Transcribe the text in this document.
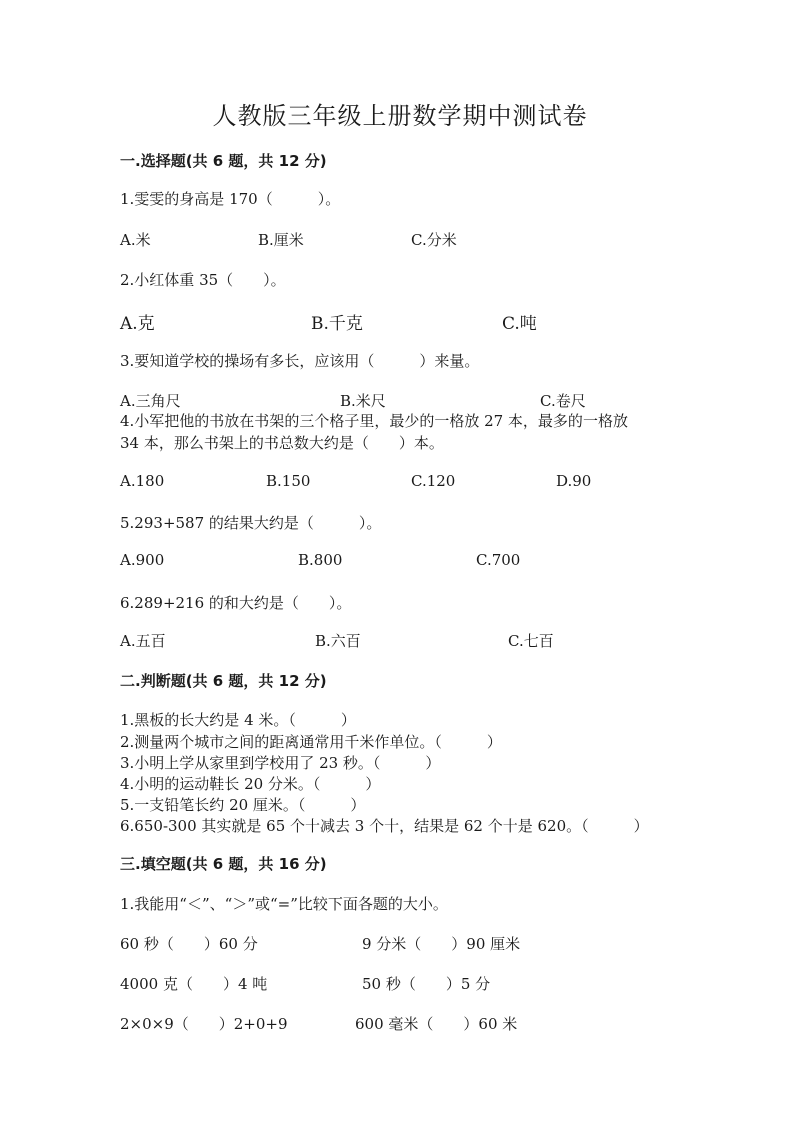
人教版三年级上册数学期中测试卷
一.选择题(共 6 题，共 12 分)
1.雯雯的身高是 170（　　　）。
A.米	B.厘米	C.分米
2.小红体重 35（　　）。
A.克	B.千克	C.吨
3.要知道学校的操场有多长，应该用（　　　）来量。
A.三角尺	B.米尺	C.卷尺
4.小军把他的书放在书架的三个格子里，最少的一格放 27 本，最多的一格放
34 本，那么书架上的书总数大约是（　　）本。
A.180	B.150	C.120	D.90
5.293+587 的结果大约是（　　　）。
A.900	B.800	C.700
6.289+216 的和大约是（　　）。
A.五百	B.六百	C.七百
二.判断题(共 6 题，共 12 分)
1.黑板的长大约是 4 米。（　　　）
2.测量两个城市之间的距离通常用千米作单位。（　　　）
3.小明上学从家里到学校用了 23 秒。（　　　）
4.小明的运动鞋长 20 分米。（　　　）
5.一支铅笔长约 20 厘米。（　　　）
6.650-300 其实就是 65 个十减去 3 个十，结果是 62 个十是 620。（　　　）
三.填空题(共 6 题，共 16 分)
1.我能用“＜”、“＞”或“=”比较下面各题的大小。
60 秒（　　）60 分	9 分米（　　）90 厘米
4000 克（　　）4 吨	50 秒（　　）5 分
2×0×9（　　）2+0+9	600 毫米（　　）60 米
